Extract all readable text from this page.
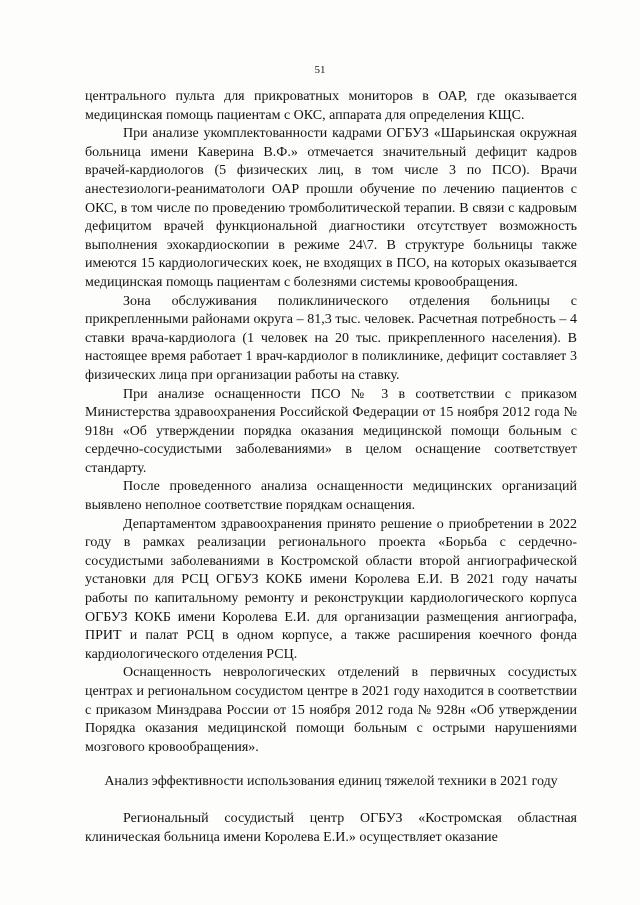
51

центрального пульта для прикроватных мониторов в ОАР, где оказывается медицинская помощь пациентам с ОКС, аппарата для определения КЩС.

При анализе укомплектованности кадрами ОГБУЗ «Шарьинская окружная больница имени Каверина В.Ф.» отмечается значительный дефицит кадров врачей-кардиологов (5 физических лиц, в том числе 3 по ПСО). Врачи анестезиологи-реаниматологи ОАР прошли обучение по лечению пациентов с ОКС, в том числе по проведению тромболитической терапии. В связи с кадровым дефицитом врачей функциональной диагностики отсутствует возможность выполнения эхокардиоскопии в режиме 24\7. В структуре больницы также имеются 15 кардиологических коек, не входящих в ПСО, на которых оказывается медицинская помощь пациентам с болезнями системы кровообращения.

Зона обслуживания поликлинического отделения больницы с прикрепленными районами округа – 81,3 тыс. человек. Расчетная потребность – 4 ставки врача-кардиолога (1 человек на 20 тыс. прикрепленного населения). В настоящее время работает 1 врач-кардиолог в поликлинике, дефицит составляет 3 физических лица при организации работы на ставку.

При анализе оснащенности ПСО № 3 в соответствии с приказом Министерства здравоохранения Российской Федерации от 15 ноября 2012 года № 918н «Об утверждении порядка оказания медицинской помощи больным с сердечно-сосудистыми заболеваниями» в целом оснащение соответствует стандарту.

После проведенного анализа оснащенности медицинских организаций выявлено неполное соответствие порядкам оснащения.

Департаментом здравоохранения принято решение о приобретении в 2022 году в рамках реализации регионального проекта «Борьба с сердечно-сосудистыми заболеваниями в Костромской области второй ангиографической установки для РСЦ ОГБУЗ КОКБ имени Королева Е.И. В 2021 году начаты работы по капитальному ремонту и реконструкции кардиологического корпуса ОГБУЗ КОКБ имени Королева Е.И. для организации размещения ангиографа, ПРИТ и палат РСЦ в одном корпусе, а также расширения коечного фонда кардиологического отделения РСЦ.

Оснащенность неврологических отделений в первичных сосудистых центрах и региональном сосудистом центре в 2021 году находится в соответствии с приказом Минздрава России от 15 ноября 2012 года № 928н «Об утверждении Порядка оказания медицинской помощи больным с острыми нарушениями мозгового кровообращения».

Анализ эффективности использования единиц тяжелой техники в 2021 году

Региональный сосудистый центр ОГБУЗ «Костромская областная клиническая больница имени Королева Е.И.» осуществляет оказание
